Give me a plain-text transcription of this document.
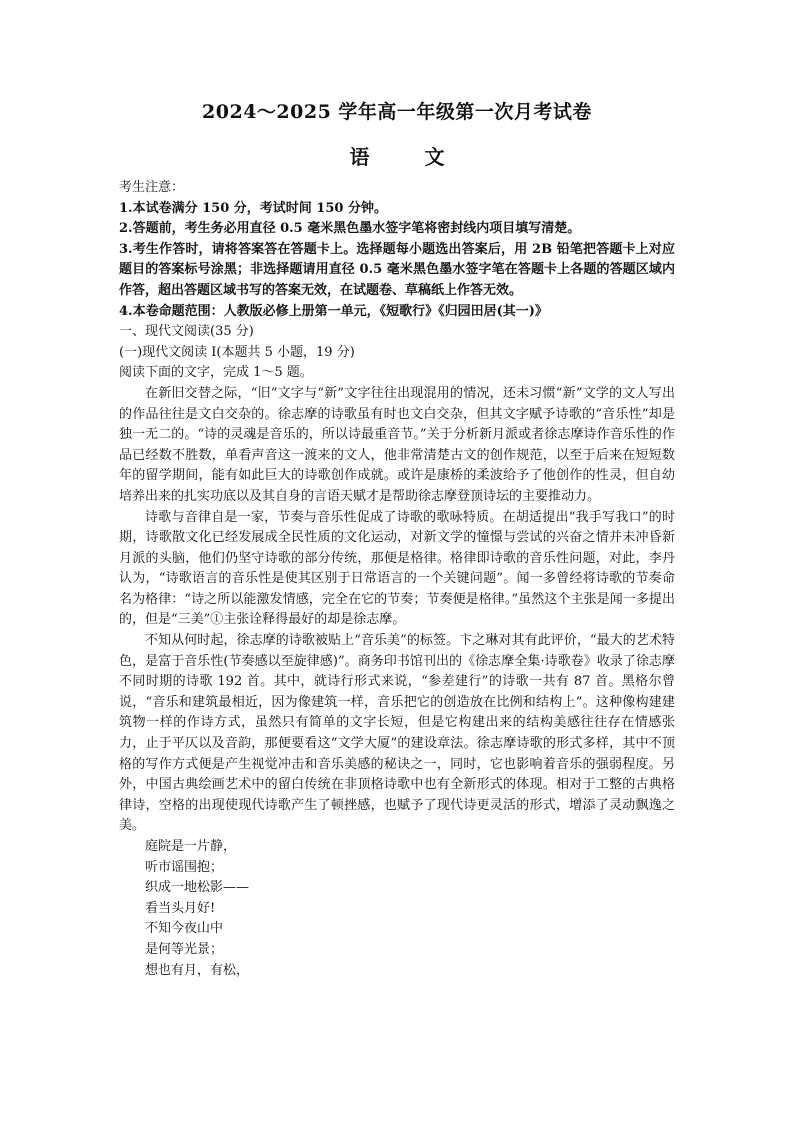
2024～2025 学年高一年级第一次月考试卷
语 文

考生注意：

1.本试卷满分 150 分，考试时间 150 分钟。

2.答题前，考生务必用直径 0.5 毫米黑色墨水签字笔将密封线内项目填写清楚。

3.考生作答时，请将答案答在答题卡上。选择题每小题选出答案后，用 2B 铅笔把答题卡上对应题目的答案标号涂黑；非选择题请用直径 0.5 毫米黑色墨水签字笔在答题卡上各题的答题区域内作答，超出答题区域书写的答案无效，在试题卷、草稿纸上作答无效。

4.本卷命题范围：人教版必修上册第一单元，《短歌行》《归园田居(其一)》

一、现代文阅读(35 分)

(一)现代文阅读 I(本题共 5 小题，19 分)

阅读下面的文字，完成 1～5 题。

在新旧交替之际，“旧”文字与“新”文字往往出现混用的情况，还未习惯“新”文学的文人写出的作品往往是文白交杂的。徐志摩的诗歌虽有时也文白交杂，但其文字赋予诗歌的“音乐性”却是独一无二的。“诗的灵魂是音乐的，所以诗最重音节。”关于分析新月派或者徐志摩诗作音乐性的作品已经数不胜数，单看声音这一渡来的文人，他非常清楚古文的创作规范，以至于后来在短短数年的留学期间，能有如此巨大的诗歌创作成就。或许是康桥的柔波给予了他创作的性灵，但自幼培养出来的扎实功底以及其自身的言语天赋才是帮助徐志摩登顶诗坛的主要推动力。

诗歌与音律自是一家，节奏与音乐性促成了诗歌的歌咏特质。在胡适提出“我手写我口”的时期，诗歌散文化已经发展成全民性质的文化运动，对新文学的憧憬与尝试的兴奋之情并未冲昏新月派的头脑，他们仍坚守诗歌的部分传统，那便是格律。格律即诗歌的音乐性问题，对此，李丹认为，“诗歌语言的音乐性是使其区别于日常语言的一个关键问题”。闻一多曾经将诗歌的节奏命名为格律：“诗之所以能激发情感，完全在它的节奏；节奏便是格律。”虽然这个主张是闻一多提出的，但是“三美”①主张诠释得最好的却是徐志摩。

不知从何时起，徐志摩的诗歌被贴上“音乐美”的标签。卞之琳对其有此评价，“最大的艺术特色，是富于音乐性(节奏感以至旋律感)”。商务印书馆刊出的《徐志摩全集·诗歌卷》收录了徐志摩不同时期的诗歌 192 首。其中，就诗行形式来说，“参差建行”的诗歌一共有 87 首。黑格尔曾说，“音乐和建筑最相近，因为像建筑一样，音乐把它的创造放在比例和结构上”。这种像构建建筑物一样的作诗方式，虽然只有简单的文字长短，但是它构建出来的结构美感往往存在情感张力，止于平仄以及音韵，那便要看这“文学大厦”的建设章法。徐志摩诗歌的形式多样，其中不顶格的写作方式便是产生视觉冲击和音乐美感的秘诀之一，同时，它也影响着音乐的强弱程度。另外，中国古典绘画艺术中的留白传统在非顶格诗歌中也有全新形式的体现。相对于工整的古典格律诗，空格的出现使现代诗歌产生了顿挫感，也赋予了现代诗更灵活的形式，增添了灵动飘逸之美。

庭院是一片静，

听市谣围抱；

织成一地松影——

看当头月好!

不知今夜山中

是何等光景；

想也有月，有松，
